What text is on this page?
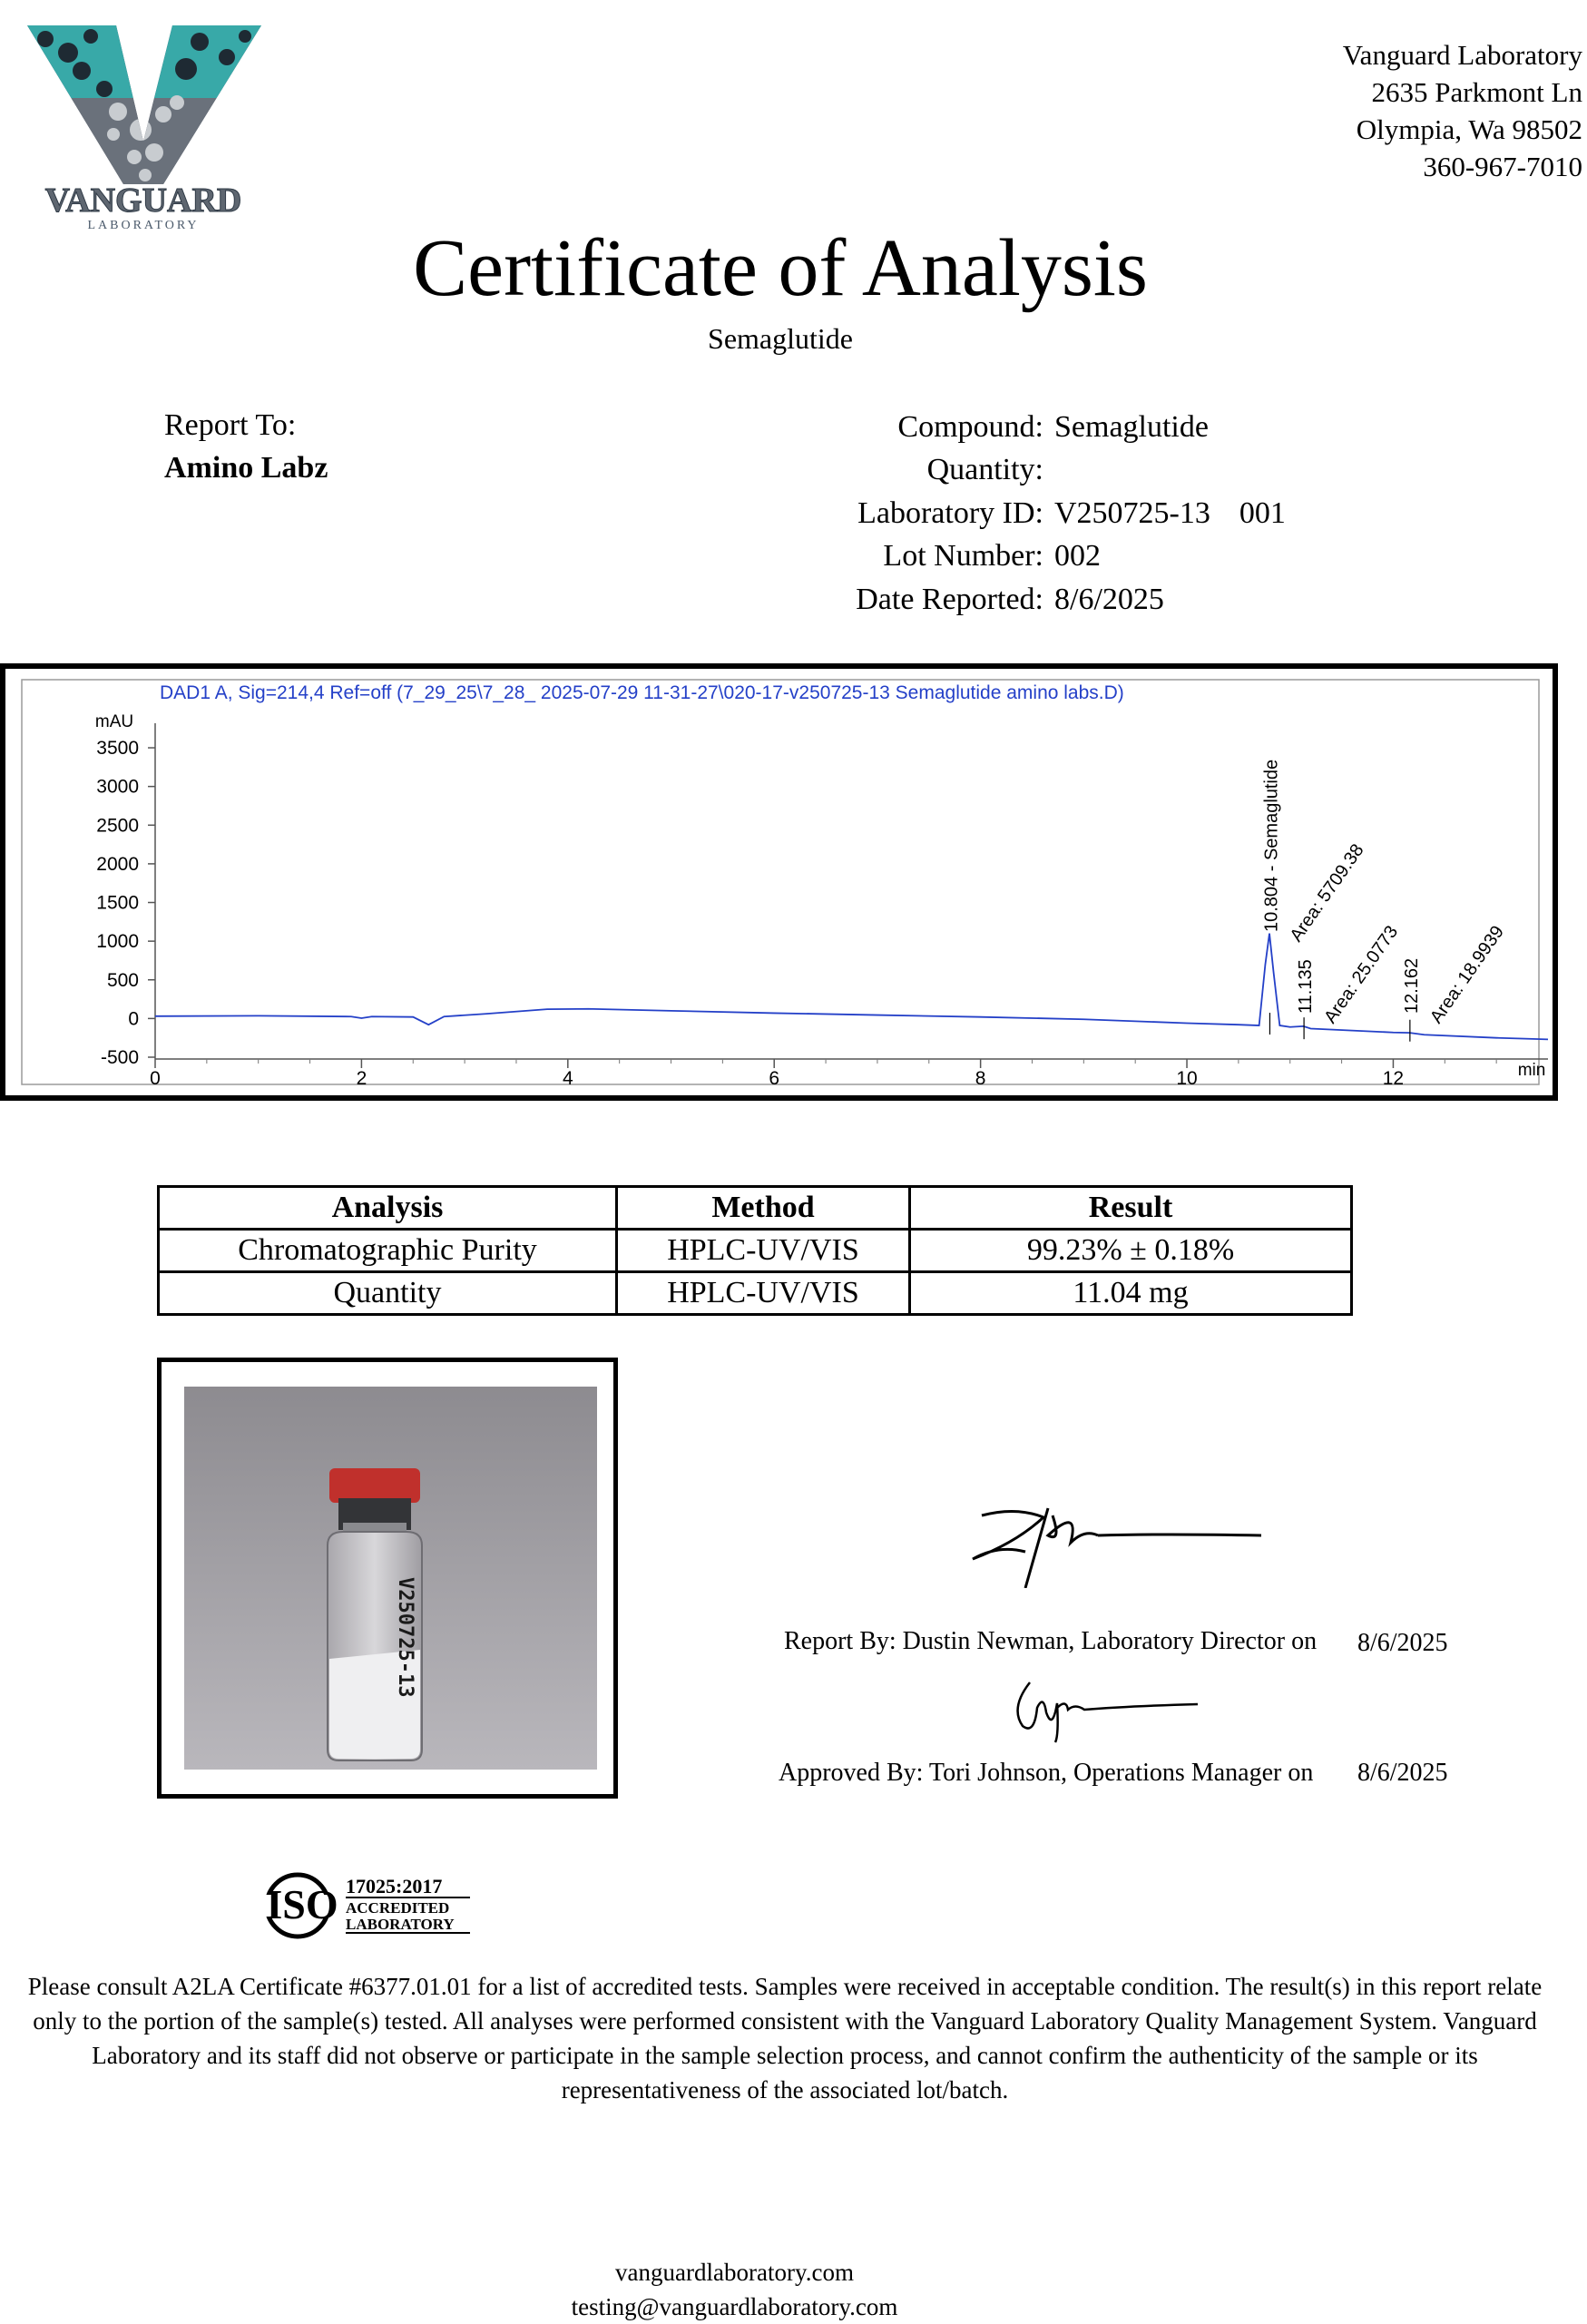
VANGUARD
LABORATORY
Vanguard Laboratory
2635 Parkmont Ln
Olympia, Wa 98502
360-967-7010
Certificate of Analysis
Semaglutide
Report To:
Amino Labz
Compound: Semaglutide
Quantity:
Laboratory ID: V250725-13 001
Lot Number: 002
Date Reported: 8/6/2025
DAD1 A, Sig=214,4 Ref=off (7_29_25\7_28_ 2025-07-29 11-31-27\020-17-v250725-13 Semaglutide amino labs.D)
mAU
min
-500
0
500
1000
1500
2000
2500
3000
3500
0	2	4	6	8	10	12
10.804 - Semaglutide Area: 5709.38
11.135 Area: 25.0773 12.162 Area: 18.9939
Analysis	Method	Result
Chromatographic Purity	HPLC-UV/VIS	99.23% ± 0.18%
Quantity	HPLC-UV/VIS	11.04 mg
V250725-13	Report By: Dustin Newman, Laboratory Director on 8/6/2025
Approved By: Tori Johnson, Operations Manager on 8/6/2025
ISO 17025:2017
ACCREDITED
LABORATORY
Please consult A2LA Certificate #6377.01.01 for a list of accredited tests. Samples were received in acceptable condition. The result(s) in this report relate only to the portion of the sample(s) tested. All analyses were performed consistent with the Vanguard Laboratory Quality Management System. Vanguard Laboratory and its staff did not observe or participate in the sample selection process, and cannot confirm the authenticity of the sample or its representativeness of the associated lot/batch.
vanguardlaboratory.com
testing@vanguardlaboratory.com
